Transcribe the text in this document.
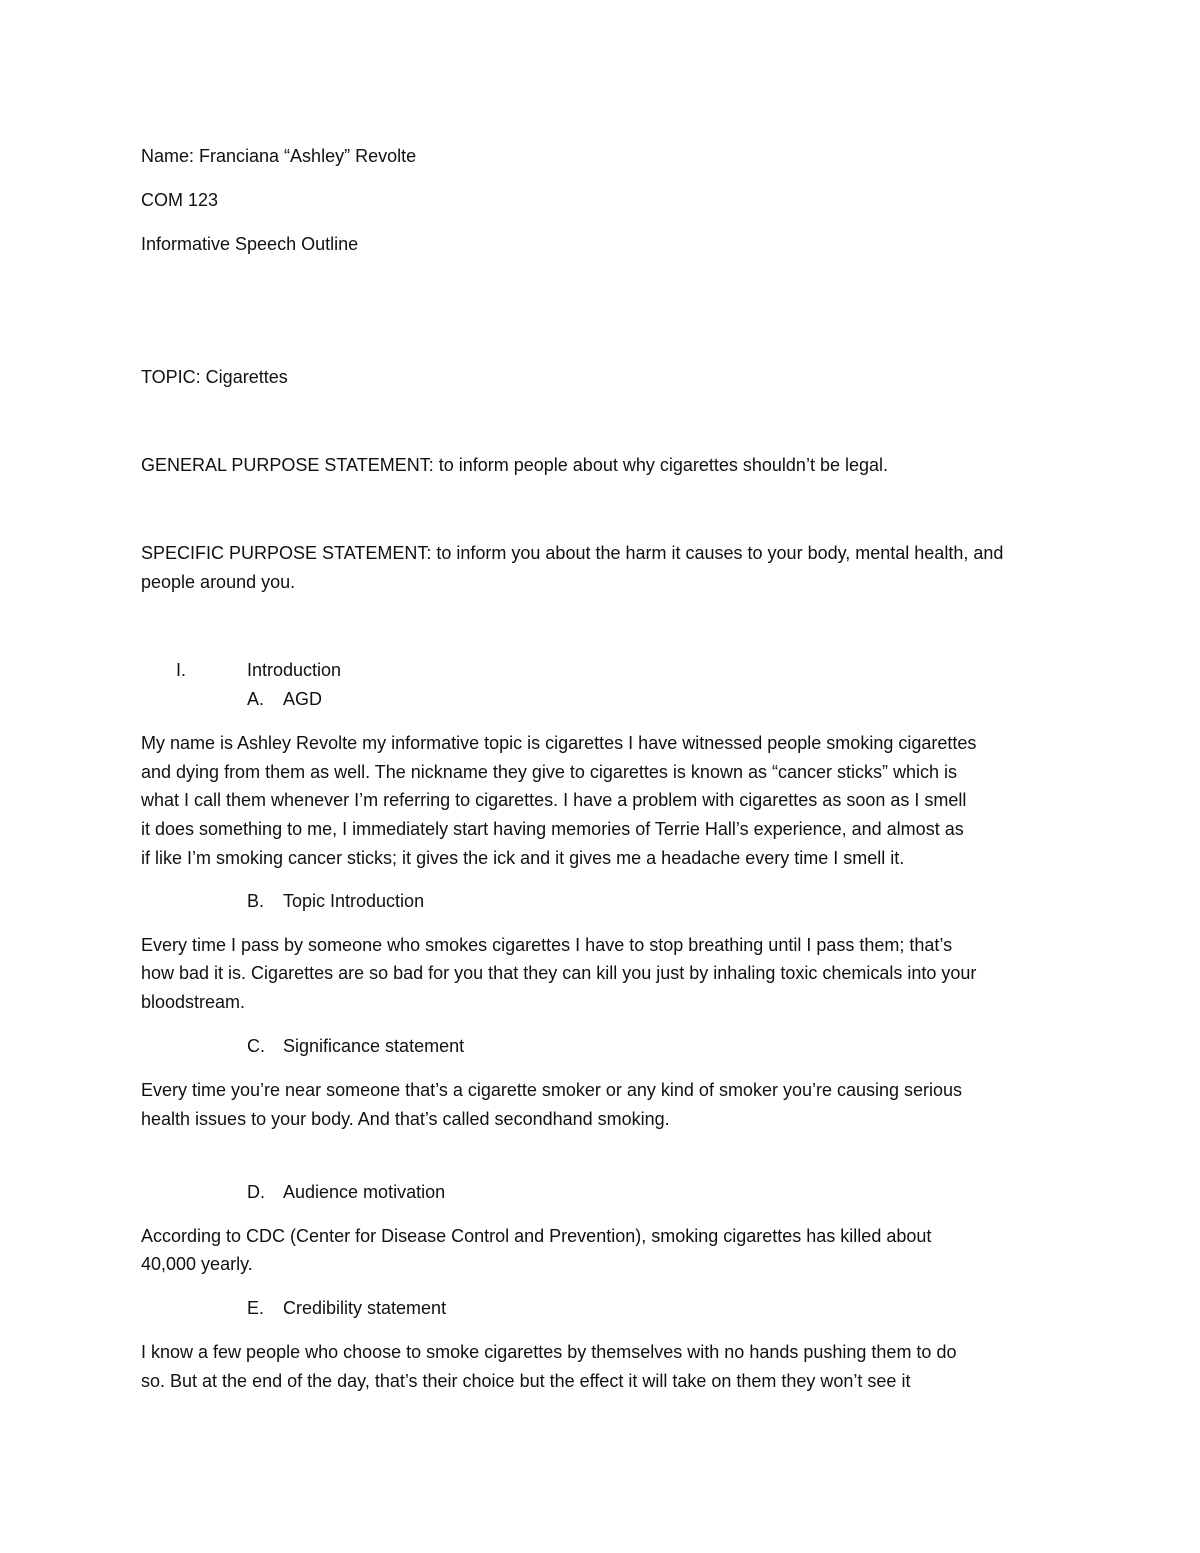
Name: Franciana “Ashley” Revolte
COM 123
Informative Speech Outline
TOPIC: Cigarettes
GENERAL PURPOSE STATEMENT: to inform people about why cigarettes shouldn’t be legal.
SPECIFIC PURPOSE STATEMENT: to inform you about the harm it causes to your body, mental health, and
people around you.
I.	Introduction
A. AGD
My name is Ashley Revolte my informative topic is cigarettes I have witnessed people smoking cigarettes
and dying from them as well. The nickname they give to cigarettes is known as “cancer sticks” which is
what I call them whenever I’m referring to cigarettes. I have a problem with cigarettes as soon as I smell
it does something to me, I immediately start having memories of Terrie Hall’s experience, and almost as
if like I’m smoking cancer sticks; it gives the ick and it gives me a headache every time I smell it.
B. Topic Introduction
Every time I pass by someone who smokes cigarettes I have to stop breathing until I pass them; that’s
how bad it is. Cigarettes are so bad for you that they can kill you just by inhaling toxic chemicals into your
bloodstream.
C. Significance statement
Every time you’re near someone that’s a cigarette smoker or any kind of smoker you’re causing serious
health issues to your body. And that’s called secondhand smoking.
D. Audience motivation
According to CDC (Center for Disease Control and Prevention), smoking cigarettes has killed about
40,000 yearly.
E. Credibility statement
I know a few people who choose to smoke cigarettes by themselves with no hands pushing them to do
so. But at the end of the day, that’s their choice but the effect it will take on them they won’t see it
